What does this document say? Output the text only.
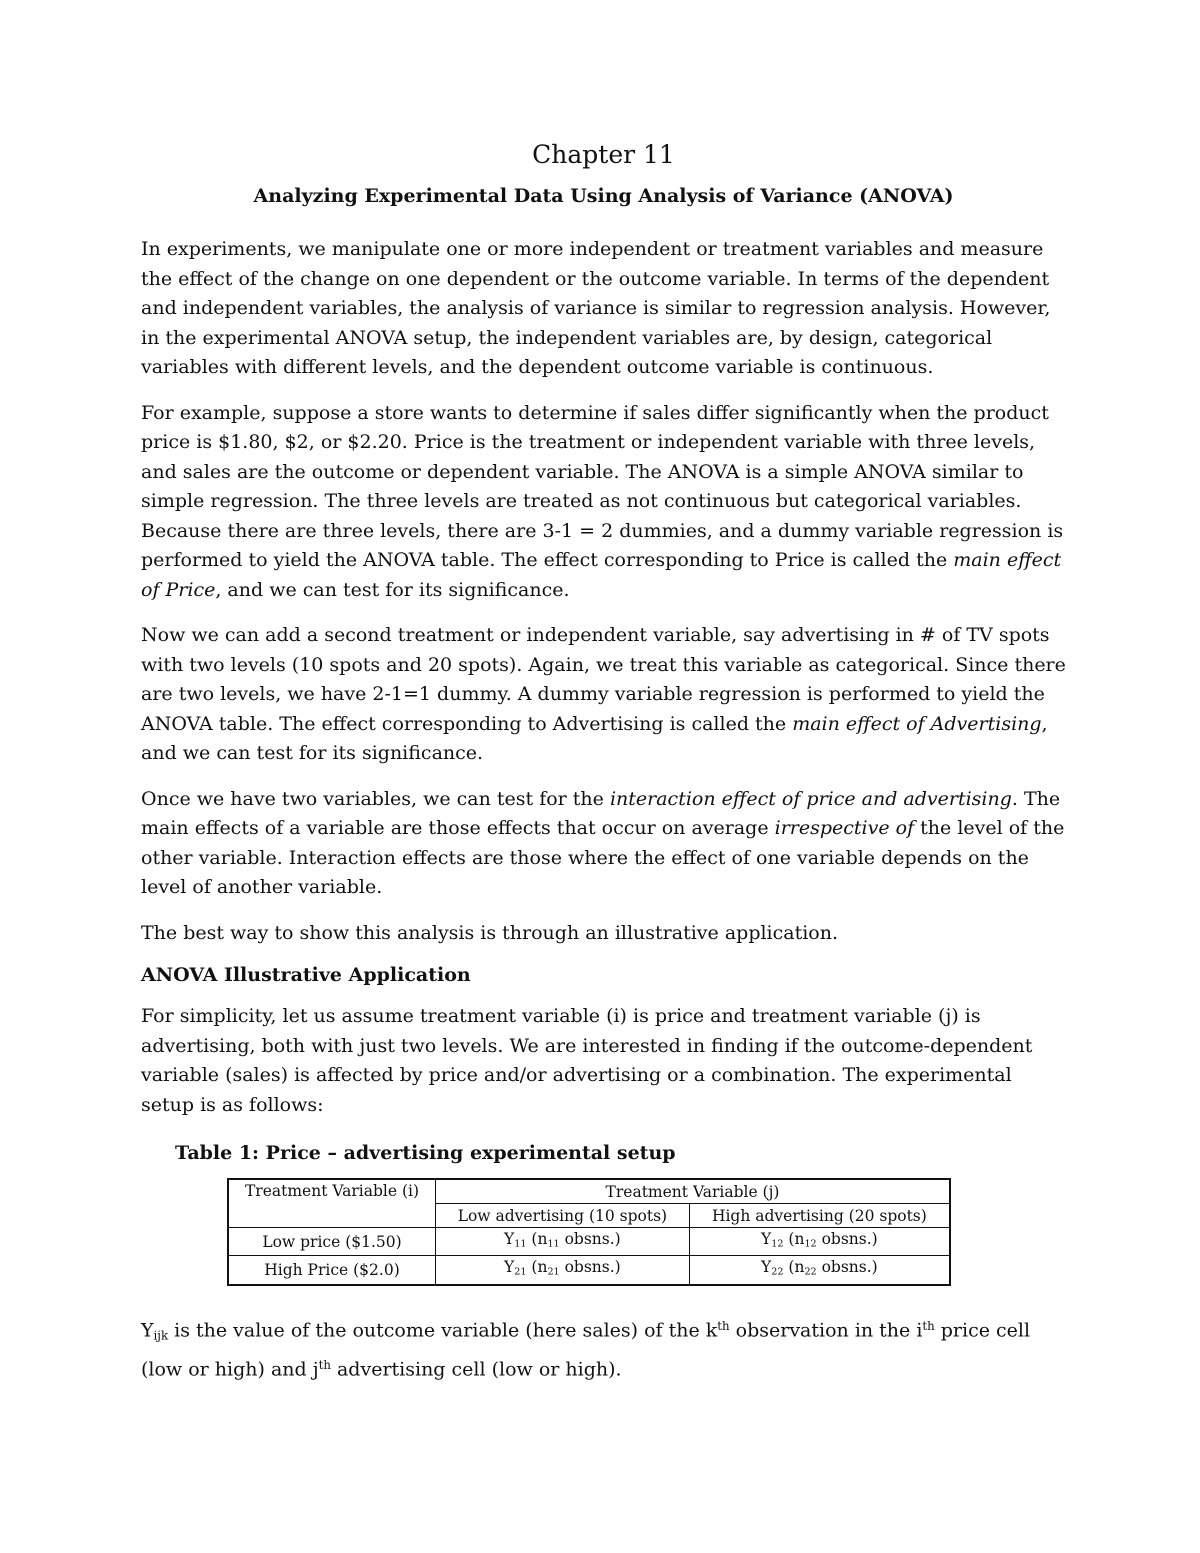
Chapter 11
Analyzing Experimental Data Using Analysis of Variance (ANOVA)

In experiments, we manipulate one or more independent or treatment variables and measure the effect of the change on one dependent or the outcome variable. In terms of the dependent and independent variables, the analysis of variance is similar to regression analysis. However, in the experimental ANOVA setup, the independent variables are, by design, categorical variables with different levels, and the dependent outcome variable is continuous.

For example, suppose a store wants to determine if sales differ significantly when the product price is $1.80, $2, or $2.20. Price is the treatment or independent variable with three levels, and sales are the outcome or dependent variable. The ANOVA is a simple ANOVA similar to simple regression. The three levels are treated as not continuous but categorical variables. Because there are three levels, there are 3-1 = 2 dummies, and a dummy variable regression is performed to yield the ANOVA table. The effect corresponding to Price is called the main effect of Price, and we can test for its significance.

Now we can add a second treatment or independent variable, say advertising in # of TV spots with two levels (10 spots and 20 spots). Again, we treat this variable as categorical. Since there are two levels, we have 2-1=1 dummy. A dummy variable regression is performed to yield the ANOVA table. The effect corresponding to Advertising is called the main effect of Advertising, and we can test for its significance.

Once we have two variables, we can test for the interaction effect of price and advertising. The main effects of a variable are those effects that occur on average irrespective of the level of the other variable. Interaction effects are those where the effect of one variable depends on the level of another variable.

The best way to show this analysis is through an illustrative application.

ANOVA Illustrative Application

For simplicity, let us assume treatment variable (i) is price and treatment variable (j) is advertising, both with just two levels. We are interested in finding if the outcome-dependent variable (sales) is affected by price and/or advertising or a combination. The experimental setup is as follows:

Table 1: Price – advertising experimental setup
Treatment Variable (i)	Treatment Variable (j)	
	Low advertising (10 spots)	High advertising (20 spots)
Low price ($1.50)	$Y_{11}$ ($n_{11}$ obsns.)	$Y_{12}$ ($n_{12}$ obsns.)
High Price ($2.0)	$Y_{21}$ ($n_{21}$ obsns.)	$Y_{22}$ ($n_{22}$ obsns.)

$Y_{ijk}$ is the value of the outcome variable (here sales) of the $k^{th}$ observation in the $i^{th}$ price cell (low or high) and $j^{th}$ advertising cell (low or high).
